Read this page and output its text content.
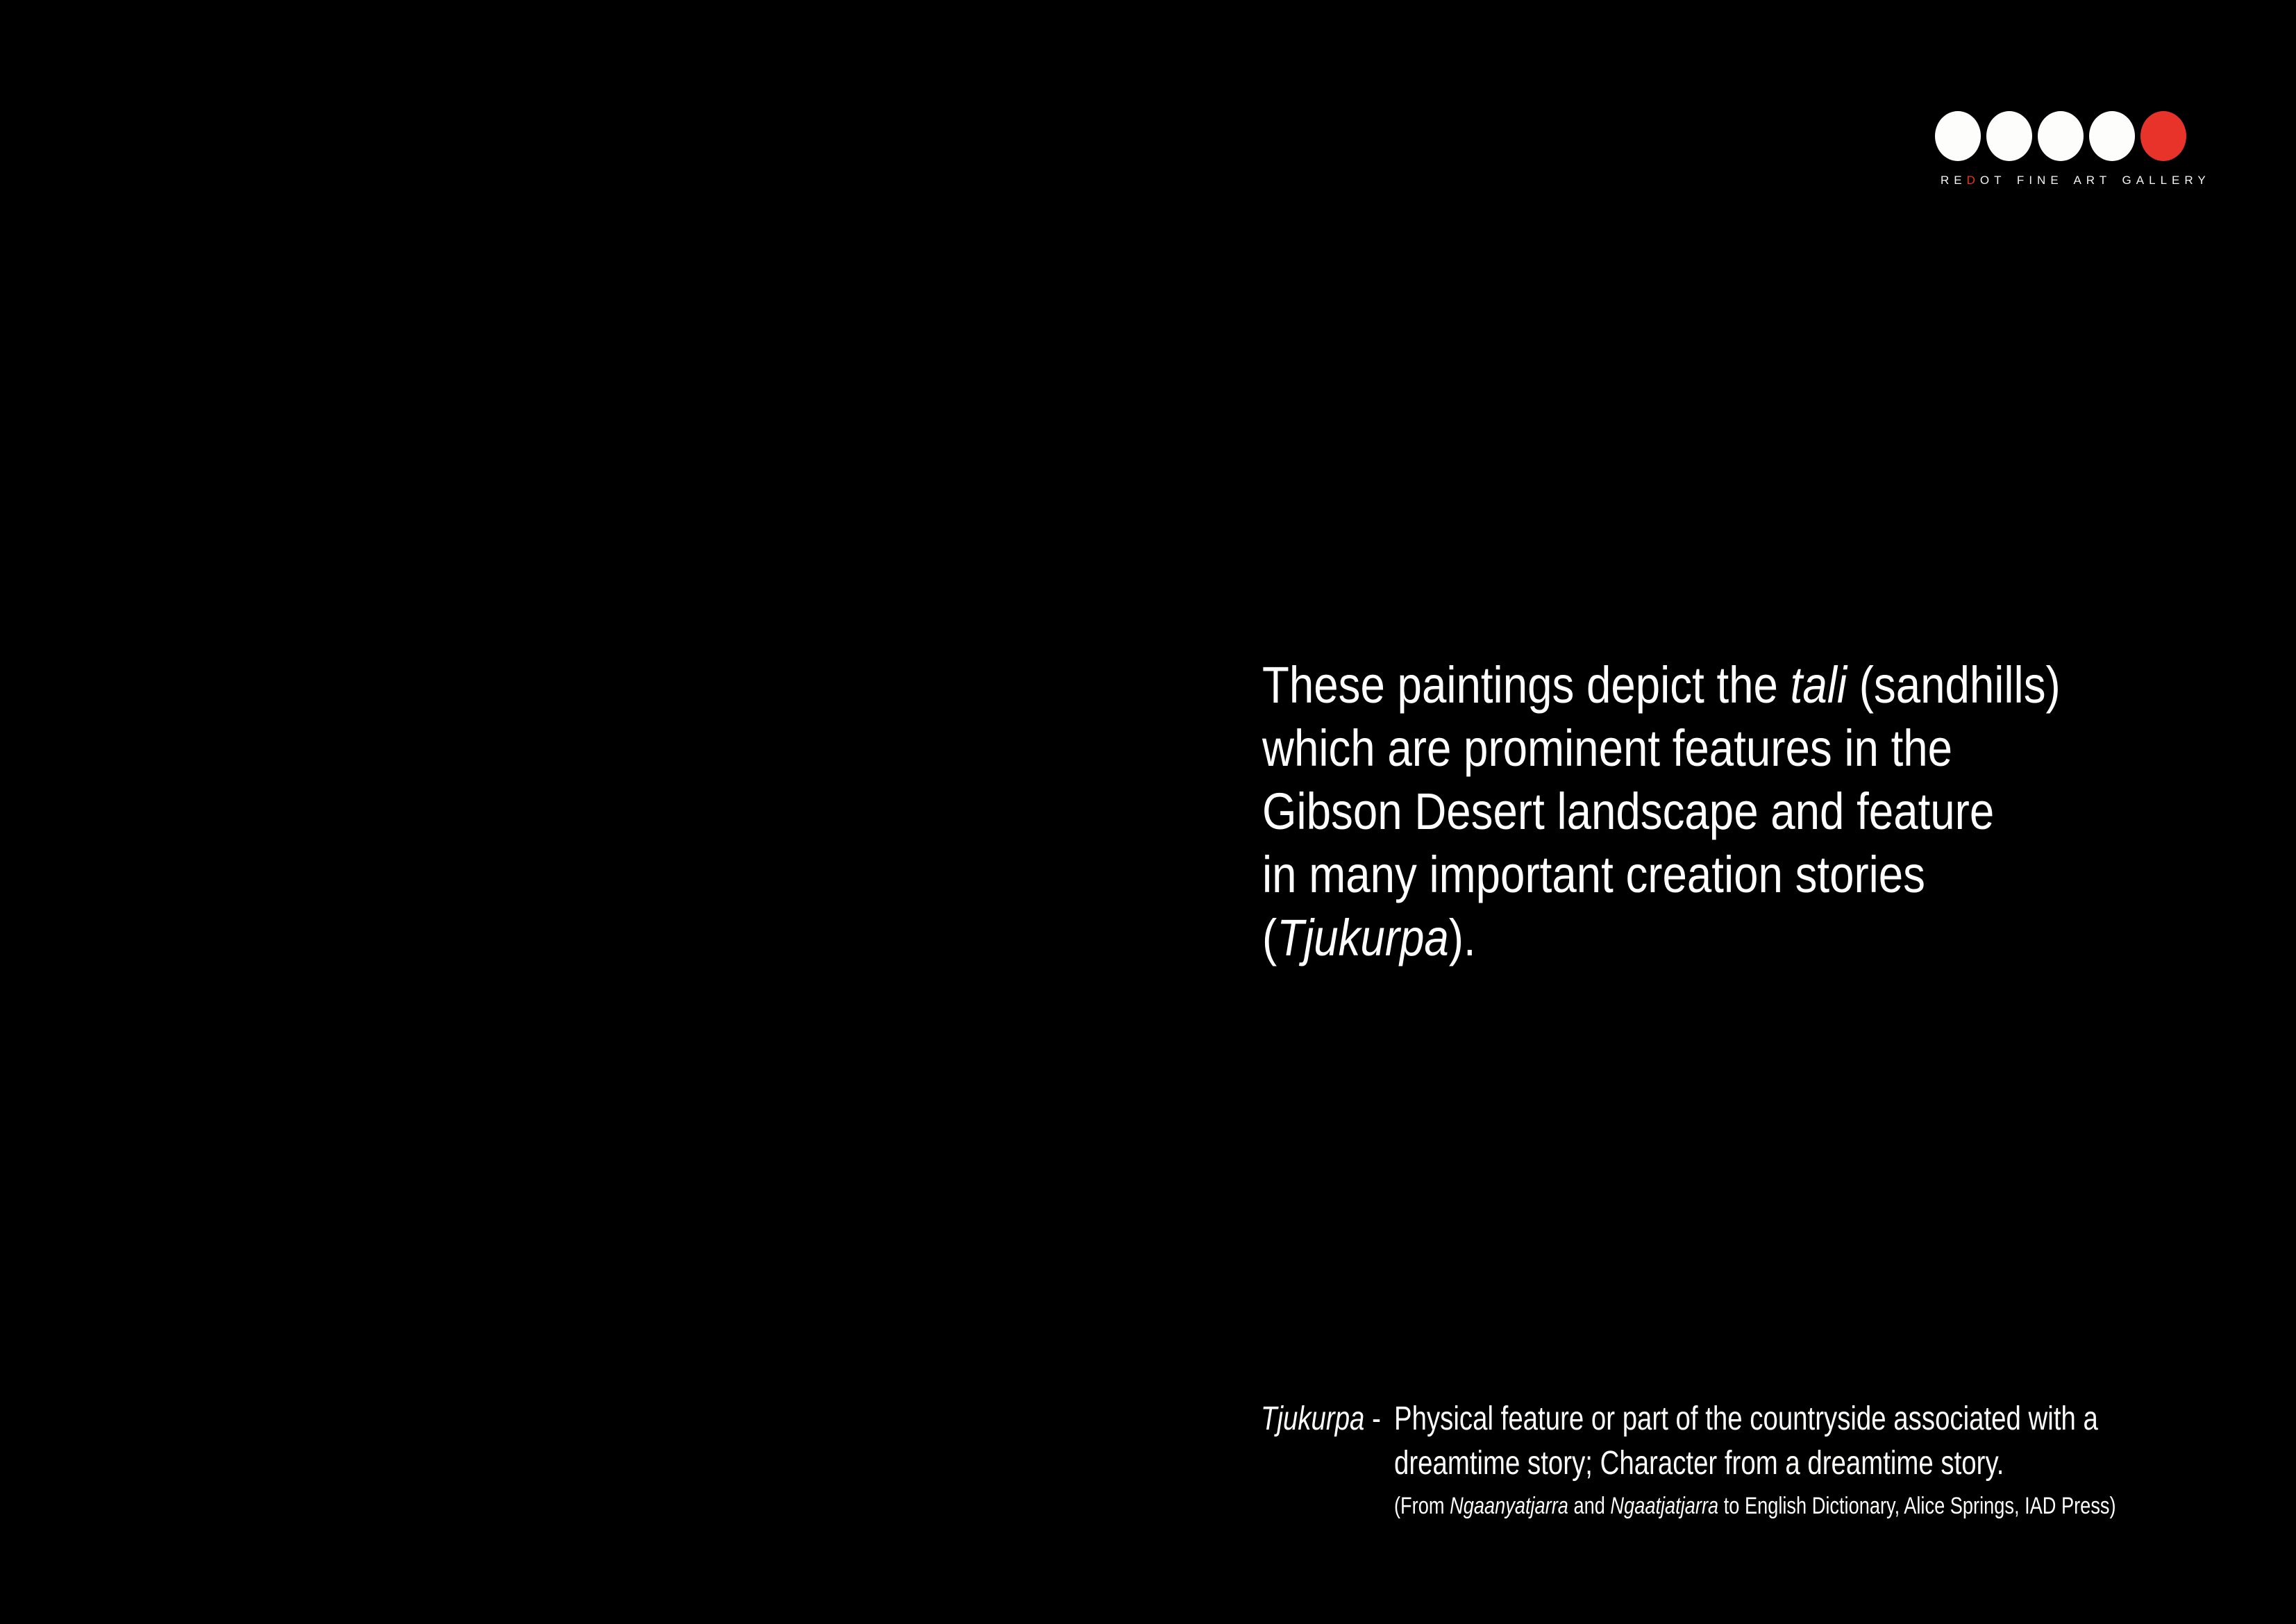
REDOT FINE ART GALLERY
These paintings depict the tali (sandhills)
which are prominent features in the
Gibson Desert landscape and feature
in many important creation stories
(Tjukurpa).
Tjukurpa - Physical feature or part of the countryside associated with a
dreamtime story; Character from a dreamtime story.
(From Ngaanyatjarra and Ngaatjatjarra to English Dictionary, Alice Springs, IAD Press)
